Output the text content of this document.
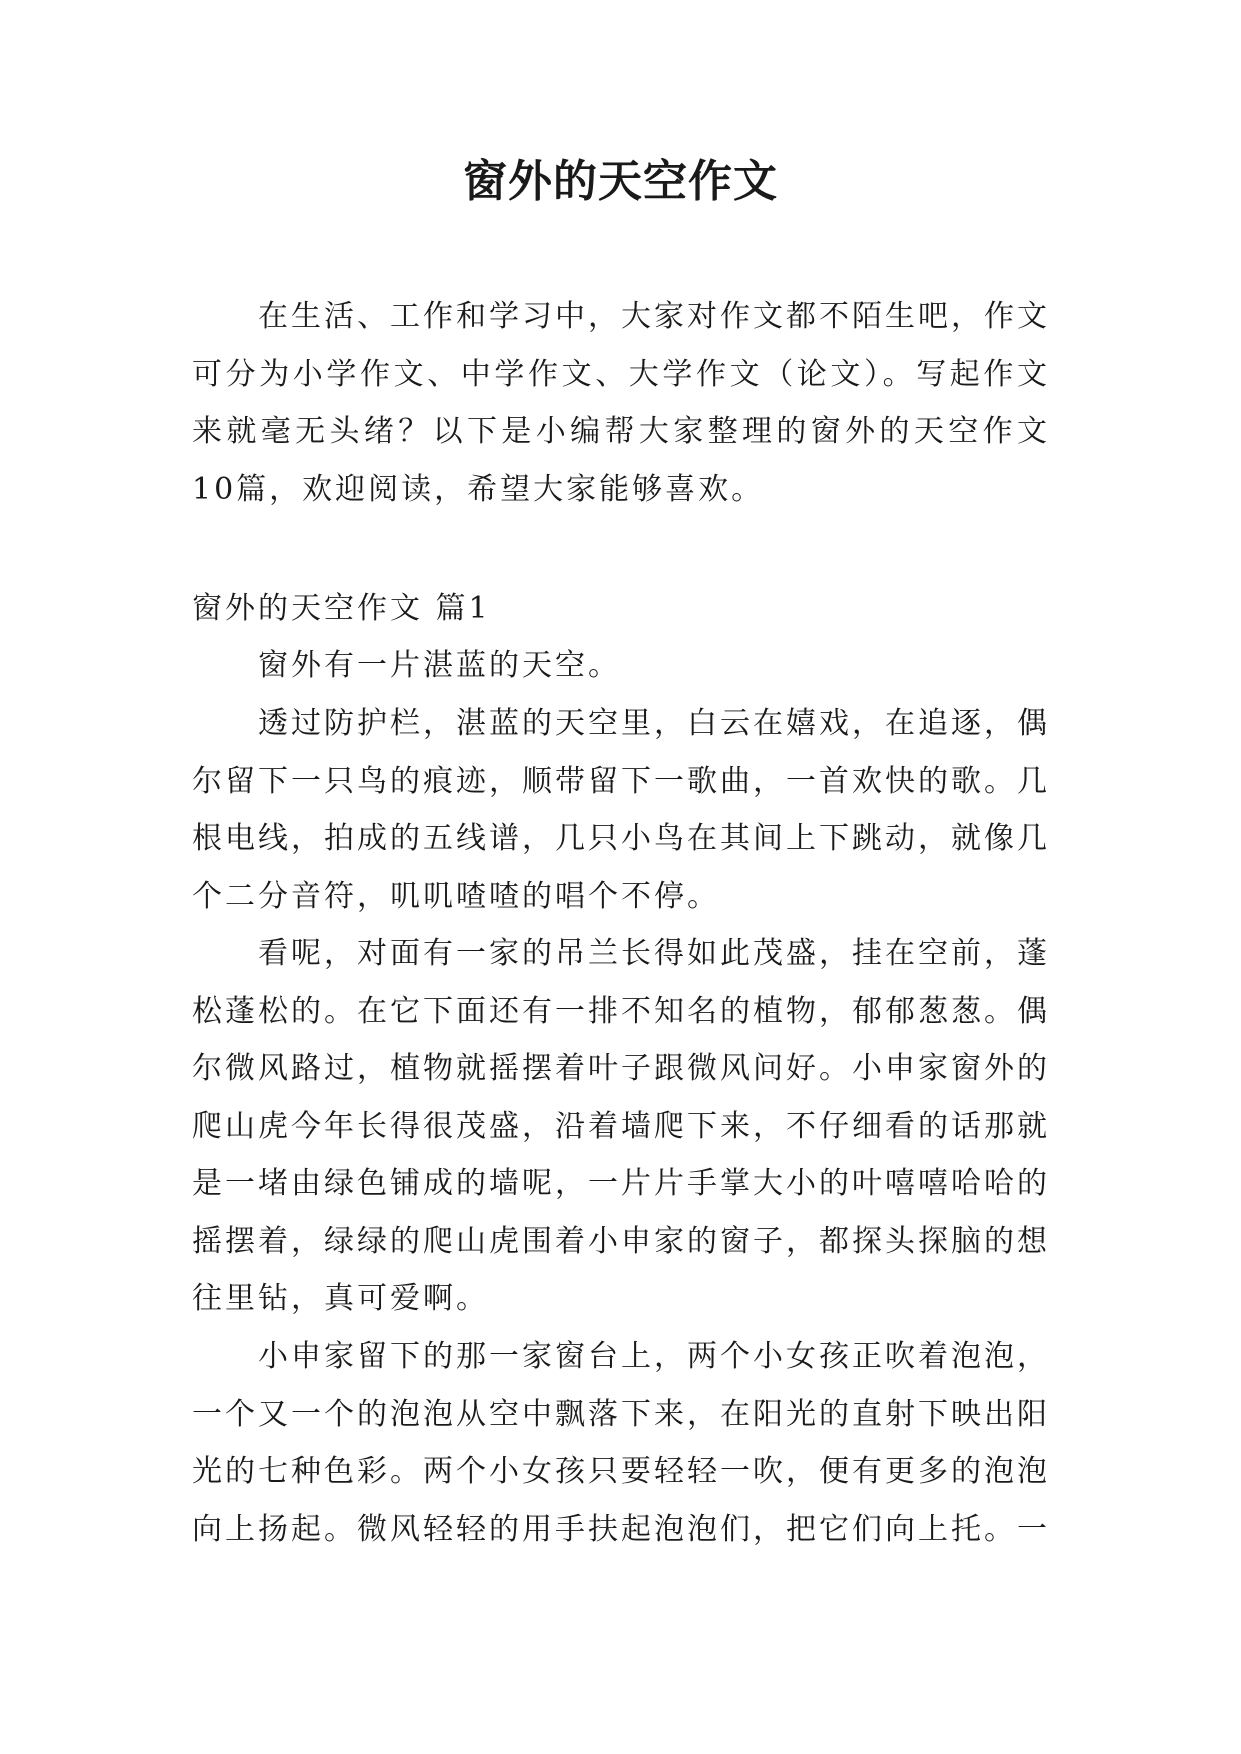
窗外的天空作文

在生活、工作和学习中，大家对作文都不陌生吧，作文可分为小学作文、中学作文、大学作文（论文）。写起作文来就毫无头绪？以下是小编帮大家整理的窗外的天空作文10篇，欢迎阅读，希望大家能够喜欢。

窗外的天空作文 篇1

窗外有一片湛蓝的天空。

透过防护栏，湛蓝的天空里，白云在嬉戏，在追逐，偶尔留下一只鸟的痕迹，顺带留下一歌曲，一首欢快的歌。几根电线，拍成的五线谱，几只小鸟在其间上下跳动，就像几个二分音符，叽叽喳喳的唱个不停。

看呢，对面有一家的吊兰长得如此茂盛，挂在空前，蓬松蓬松的。在它下面还有一排不知名的植物，郁郁葱葱。偶尔微风路过，植物就摇摆着叶子跟微风问好。小申家窗外的爬山虎今年长得很茂盛，沿着墙爬下来，不仔细看的话那就是一堵由绿色铺成的墙呢，一片片手掌大小的叶嘻嘻哈哈的摇摆着，绿绿的爬山虎围着小申家的窗子，都探头探脑的想往里钻，真可爱啊。

小申家留下的那一家窗台上，两个小女孩正吹着泡泡，一个又一个的泡泡从空中飘落下来，在阳光的直射下映出阳光的七种色彩。两个小女孩只要轻轻一吹，便有更多的泡泡向上扬起。微风轻轻的用手扶起泡泡们，把它们向上托。一
